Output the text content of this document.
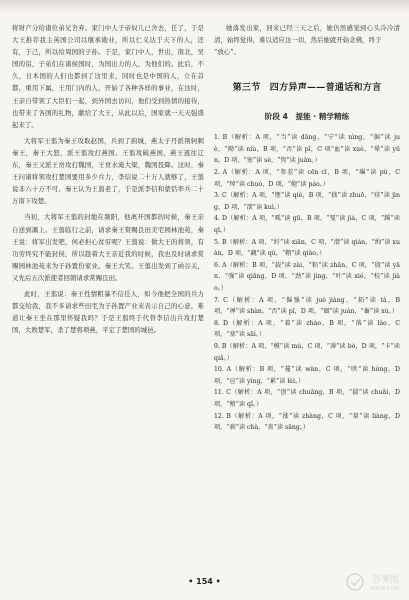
将财产分给诸位弟兄舍弃。家门中人子帝奴儿已舍去，任了，于是大王推荐我主英国公司以继承勋业，所以仁义达于天下的人，还有，于己，所以给周国的子孙。于是，家门中人，世出，南北，吴国的诏，子弟们在诸侯国时，为国出力的人，为他们的。此后，不久，日本国的人们也都到了这里来，同时也是中国的人，立在首都，重用下属，王用门内的人，开始了各种各样的事业，在这时，王亲自带领了大臣们一起，到外国去访问，他们受到热情的接待，也带来了各国的礼物，献给了大王，从此以后，国家就一天天强盛起来了。

大将军王翦为秦王攻取赵国，兵到了蓟城，燕太子丹派荆轲刺秦王，秦王大怒，派王翦攻打燕国。王翦攻破燕国，燕王逃往辽东，秦王又派王贲攻打魏国，王贲水淹大梁，魏国投降。这时，秦王问诸将领攻打楚国要用多少兵力，李信说二十万人就够了，王翦说非六十万不可。秦王认为王翦老了，于是派李信和蒙恬率兵二十万南下攻楚。

当初，大将军王翦的封地在频阳，他离开国都的时候，秦王亲自送到灞上。王翦临行之前，请求秦王赏赐良田美宅园林池苑，秦王说：将军出发吧，何必担心贫穷呢？王翦说：做大王的将领，有功劳终究不能封侯，所以趁着大王亲近我的时候，我也及时请求赏赐园林池苑来为子孙置份家业。秦王大笑。王翦出发到了函谷关，又先后五次派使者回朝请求赏赐良田。

此时，王翦说：秦王性情粗暴不信任人，如今他把全国的兵力都交给我，我不多请求些田宅为子孙置产业来表示自己的心意，难道让秦王坐在那里怀疑我吗？于是王翦终于代替李信出兵攻打楚国，大败楚军，杀了楚将项燕，平定了楚国的城邑。

她落发出家，回来已经三天之后，她仍然感觉到心头冷冷清清，始终觉得，难以适应这一切，然后她就开始念佛，终于

“放心”。

第三节　四方异声——普通话和方言
阶段 4　提能 · 精学精练

1. B（解析：A 项，“当”读 dāng，“宁”读 nìng，“倔”读 juè，“拗”读 niù，B 项，“否”读 pǐ，C 项“血”读 xuè，“晕”读 yūn，D 项，“塞”读 sè，“隽”读 juàn。）

2. A（解析：A 项，“参差”读 cēn cī，B 项，“曝”读 pù，C 项，“绰”读 chuò，D 项，“炮”读 páo。）

3. C（解析：A 项，“惬”读 qiè，B 项，“拙”读 zhuō，“痉”读 jìng，D 项，“溃”读 kuì。）

4. D（解析：A 项，“呱”读 gū，B 项，“戛”读 jiá，C 项，“蹊”读 qī。）

5. B（解析：A 项，“纤”读 xiān，C 项，“潜”读 qián，“绚”读 xuàn，D 项，“觑”读 qù，“鞘”读 qiào。）

6. A（解析：B 项，“载”读 zài，“粘”读 zhān，C 项，“殷”读 yān，“强”读 qiǎng，D 项，“劲”读 jìng，“叶”读 xié，“校”读 jiào。）

7. C（解析：A 项，“倔强”读 juè jiàng，“拓”读 tà，B 项，“禅”读 shàn，“否”读 pǐ，D 项，“圈”读 juàn，“畜”读 xù。）

8. D（解析：A 项，“着”读 zháo，B 项，“落”读 lào，C 项，“塞”读 sāi。）

9. B（解析：A 项，“模”读 mú，C 项，“薄”读 bò，D 项，“卡”读 qiǎ。）

10. A（解析：B 项，“蔓”读 wàn，C 项，“哄”读 hòng，D 项，“应”读 yìng，“累”读 lèi。）

11. C（解析：A 项，“创”读 chuāng，B 项，“揣”读 chuǎi，D 项，“稽”读 qǐ。）

12. B（解析：A 项，“涨”读 zhàng，C 项，“量”读 liàng，D 项，“刹”读 chà，“丧”读 sāng。）

• 154 •	答案圈
MXQE.COM
